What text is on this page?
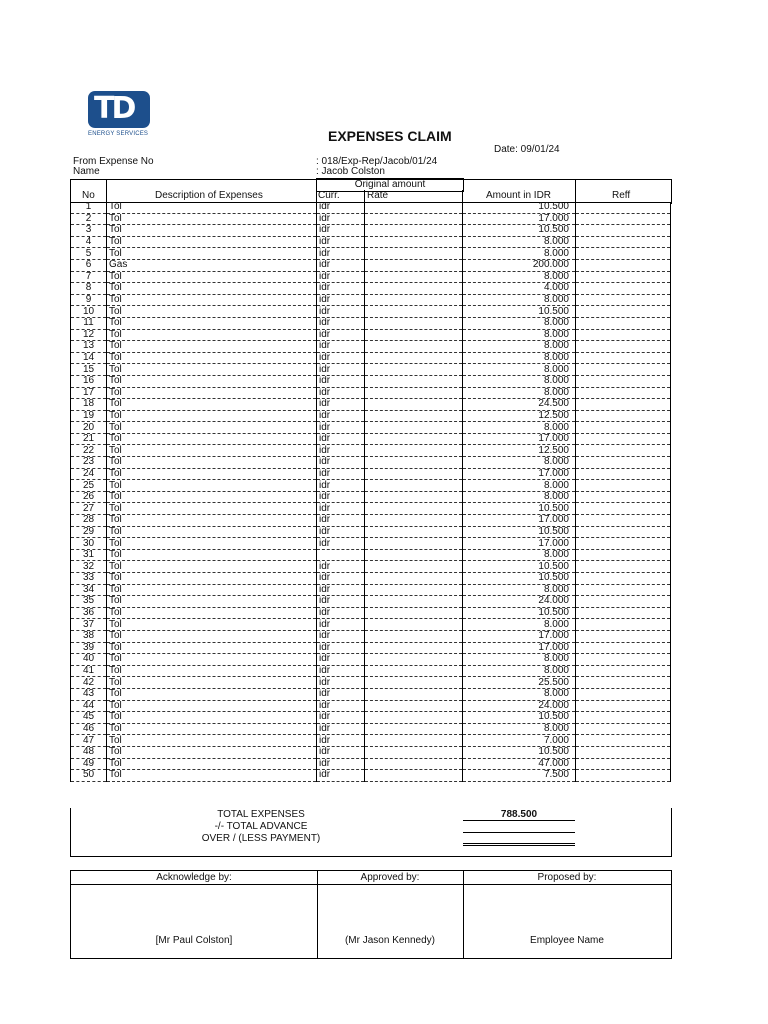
TD
ENERGY SERVICES	EXPENSES CLAIM
Date: 09/01/24
From Expense No	: 018/Exp-Rep/Jacob/01/24
Name	: Jacob Colston
Original amount
No	Description of Expenses	Curr.	Rate	Amount in IDR	Reff
1	Tol	idr		10.500	
2	Tol	idr		17.000	
3	Tol	idr		10.500	
4	Tol	idr		8.000	
5	Tol	idr		8.000	
6	Gas	idr		200.000	
7	Tol	idr		8.000	
8	Tol	idr		4.000	
9	Tol	idr		8.000	
10	Tol	idr		10.500	
11	Tol	idr		8.000	
12	Tol	idr		8.000	
13	Tol	idr		8.000	
14	Tol	idr		8.000	
15	Tol	idr		8.000	
16	Tol	idr		8.000	
17	Tol	idr		8.000	
18	Tol	idr		24.500	
19	Tol	idr		12.500	
20	Tol	idr		8.000	
21	Tol	idr		17.000	
22	Tol	idr		12.500	
23	Tol	idr		8.000	
24	Tol	idr		17.000	
25	Tol	idr		8.000	
26	Tol	idr		8.000	
27	Tol	idr		10.500	
28	Tol	idr		17.000	
29	Tol	idr		10.500	
30	Tol	idr		17.000	
31	Tol			8.000	
32	Tol	idr		10.500	
33	Tol	idr		10.500	
34	Tol	idr		8.000	
35	Tol	idr		24.000	
36	Tol	idr		10.500	
37	Tol	idr		8.000	
38	Tol	idr		17.000	
39	Tol	idr		17.000	
40	Tol	idr		8.000	
41	Tol	idr		8.000	
42	Tol	idr		25.500	
43	Tol	idr		8.000	
44	Tol	idr		24.000	
45	Tol	idr		10.500	
46	Tol	idr		8.000	
47	Tol	idr		7.000	
48	Tol	idr		10.500	
49	Tol	idr		47.000	
50	Tol	idr		7.500	
TOTAL EXPENSES	788.500
-/- TOTAL ADVANCE
OVER / (LESS PAYMENT)
Acknowledge by:
[Mr Paul Colston]
Approved by:
(Mr Jason Kennedy)
Proposed by:
Employee Name
